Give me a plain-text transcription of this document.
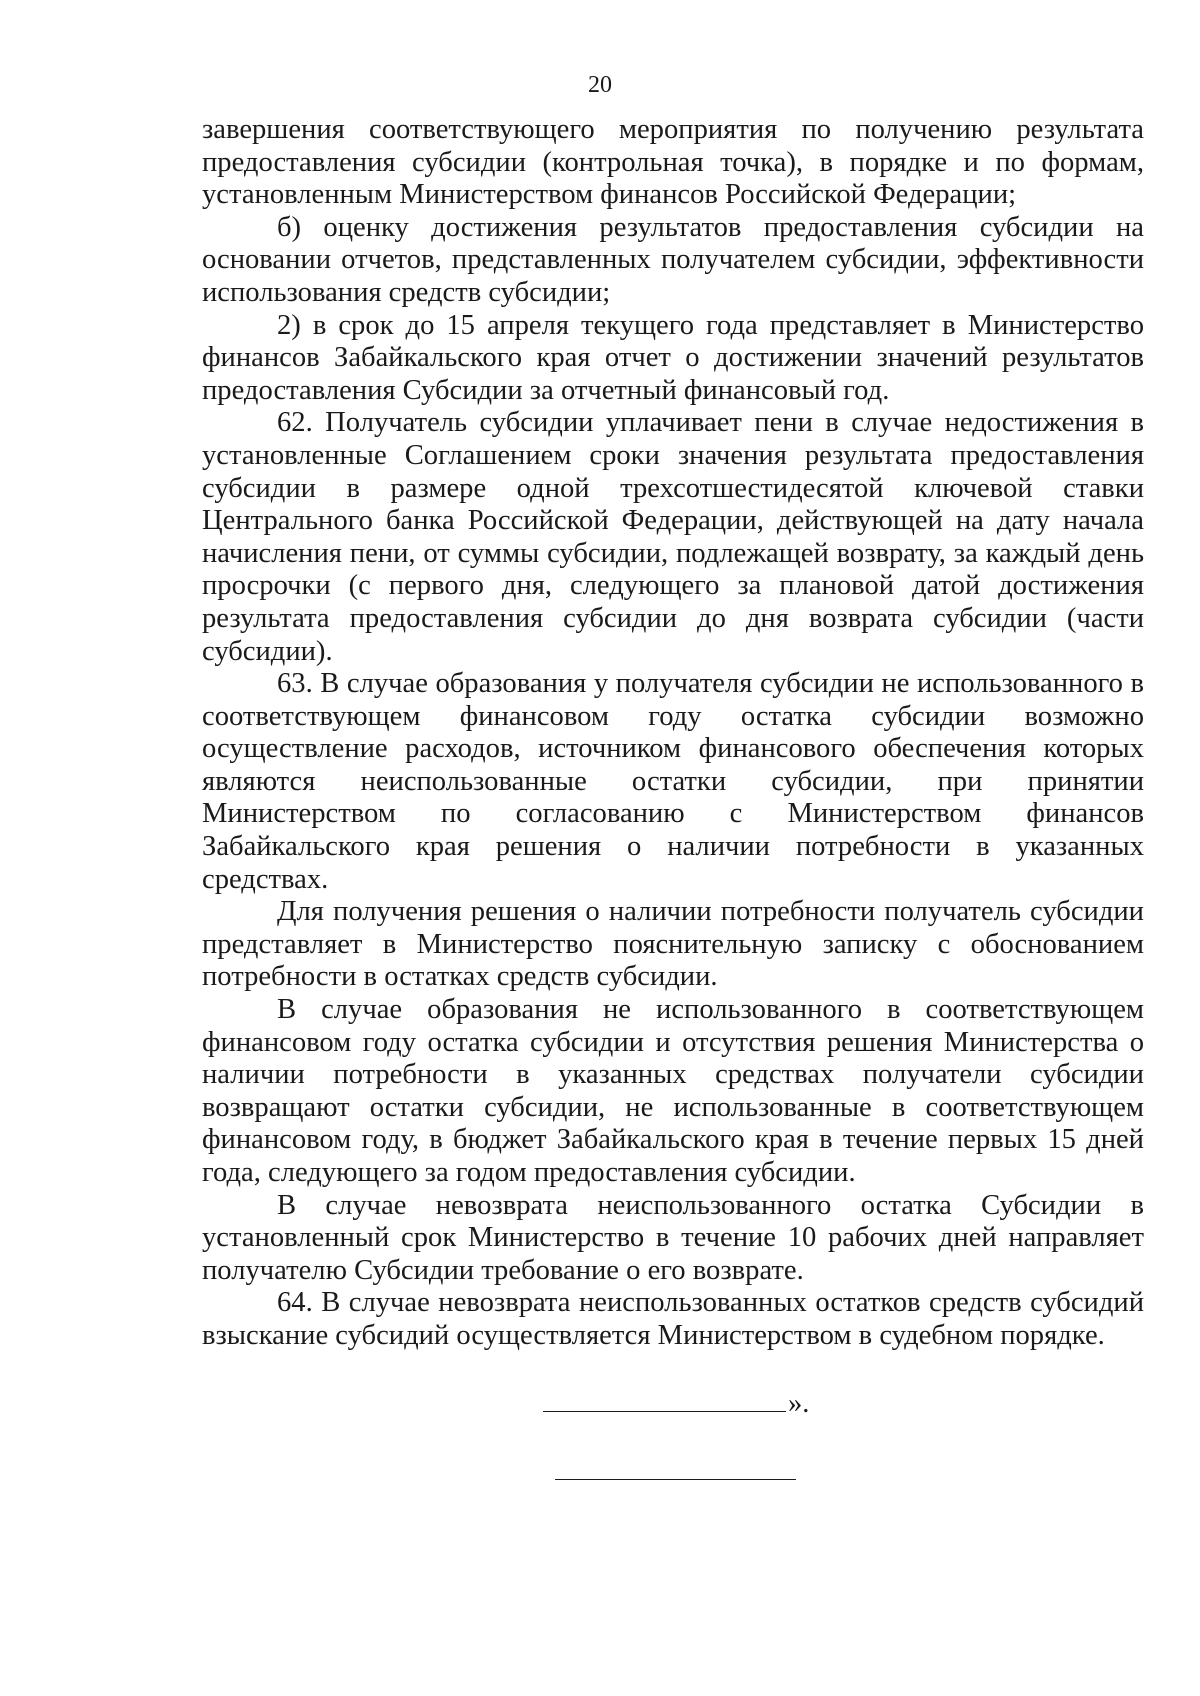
20

завершения соответствующего мероприятия по получению результата предоставления субсидии (контрольная точка), в порядке и по формам, установленным Министерством финансов Российской Федерации;

б) оценку достижения результатов предоставления субсидии на основании отчетов, представленных получателем субсидии, эффективности использования средств субсидии;

2) в срок до 15 апреля текущего года представляет в Министерство финансов Забайкальского края отчет о достижении значений результатов предоставления Субсидии за отчетный финансовый год.

62. Получатель субсидии уплачивает пени в случае недостижения в установленные Соглашением сроки значения результата предоставления субсидии в размере одной трехсотшестидесятой ключевой ставки Центрального банка Российской Федерации, действующей на дату начала начисления пени, от суммы субсидии, подлежащей возврату, за каждый день просрочки (с первого дня, следующего за плановой датой достижения результата предоставления субсидии до дня возврата субсидии (части субсидии).

63. В случае образования у получателя субсидии не использованного в соответствующем финансовом году остатка субсидии возможно осуществление расходов, источником финансового обеспечения которых являются неиспользованные остатки субсидии, при принятии Министерством по согласованию с Министерством финансов Забайкальского края решения о наличии потребности в указанных средствах.

Для получения решения о наличии потребности получатель субсидии представляет в Министерство пояснительную записку с обоснованием потребности в остатках средств субсидии.

В случае образования не использованного в соответствующем финансовом году остатка субсидии и отсутствия решения Министерства о наличии потребности в указанных средствах получатели субсидии возвращают остатки субсидии, не использованные в соответствующем финансовом году, в бюджет Забайкальского края в течение первых 15 дней года, следующего за годом предоставления субсидии.

В случае невозврата неиспользованного остатка Субсидии в установленный срок Министерство в течение 10 рабочих дней направляет получателю Субсидии требование о его возврате.

64. В случае невозврата неиспользованных остатков средств субсидий взыскание субсидий осуществляется Министерством в судебном порядке.

».
